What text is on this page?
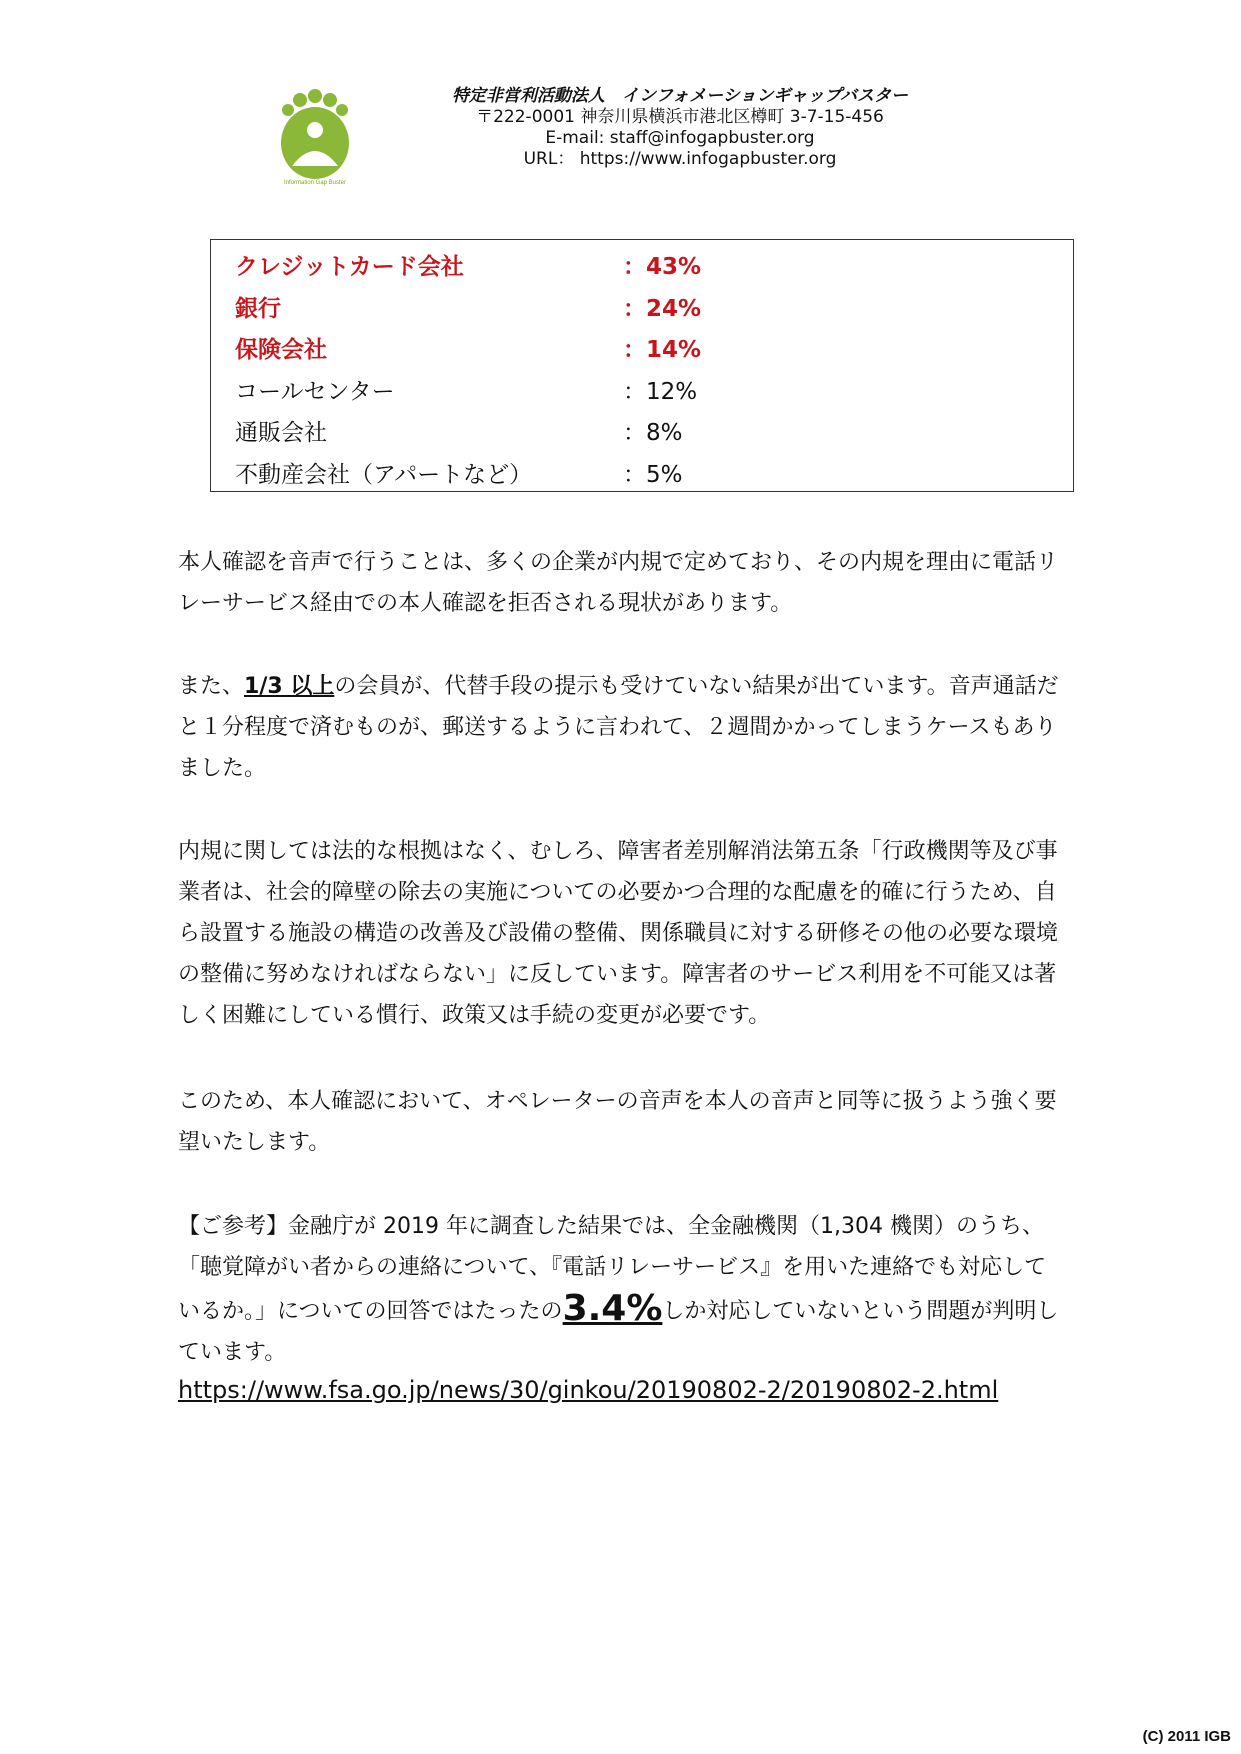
Information Gap Buster
特定非営利活動法人　インフォメーションギャップバスター
〒222-0001 神奈川県横浜市港北区樽町 3-7-15-456
E-mail: staff@infogapbuster.org
URL： https://www.infogapbuster.org
クレジットカード会社	：43%
銀行	：24%
保険会社	：14%
コールセンター	：12%
通販会社	：8%
不動産会社（アパートなど）	：5%

本人確認を音声で行うことは、多くの企業が内規で定めており、その内規を理由に電話リレーサービス経由での本人確認を拒否される現状があります。

また、1/3 以上の会員が、代替手段の提示も受けていない結果が出ています。音声通話だと１分程度で済むものが、郵送するように言われて、２週間かかってしまうケースもありました。

内規に関しては法的な根拠はなく、むしろ、障害者差別解消法第五条「行政機関等及び事業者は、社会的障壁の除去の実施についての必要かつ合理的な配慮を的確に行うため、自ら設置する施設の構造の改善及び設備の整備、関係職員に対する研修その他の必要な環境の整備に努めなければならない」に反しています。障害者のサービス利用を不可能又は著しく困難にしている慣行、政策又は手続の変更が必要です。

このため、本人確認において、オペレーターの音声を本人の音声と同等に扱うよう強く要望いたします。

【ご参考】金融庁が 2019 年に調査した結果では、全金融機関（1,304 機関）のうち、「聴覚障がい者からの連絡について、『電話リレーサービス』を用いた連絡でも対応しているか。」についての回答ではたったの3.4%しか対応していないという問題が判明しています。

https://www.fsa.go.jp/news/30/ginkou/20190802-2/20190802-2.html
(C) 2011 IGB
